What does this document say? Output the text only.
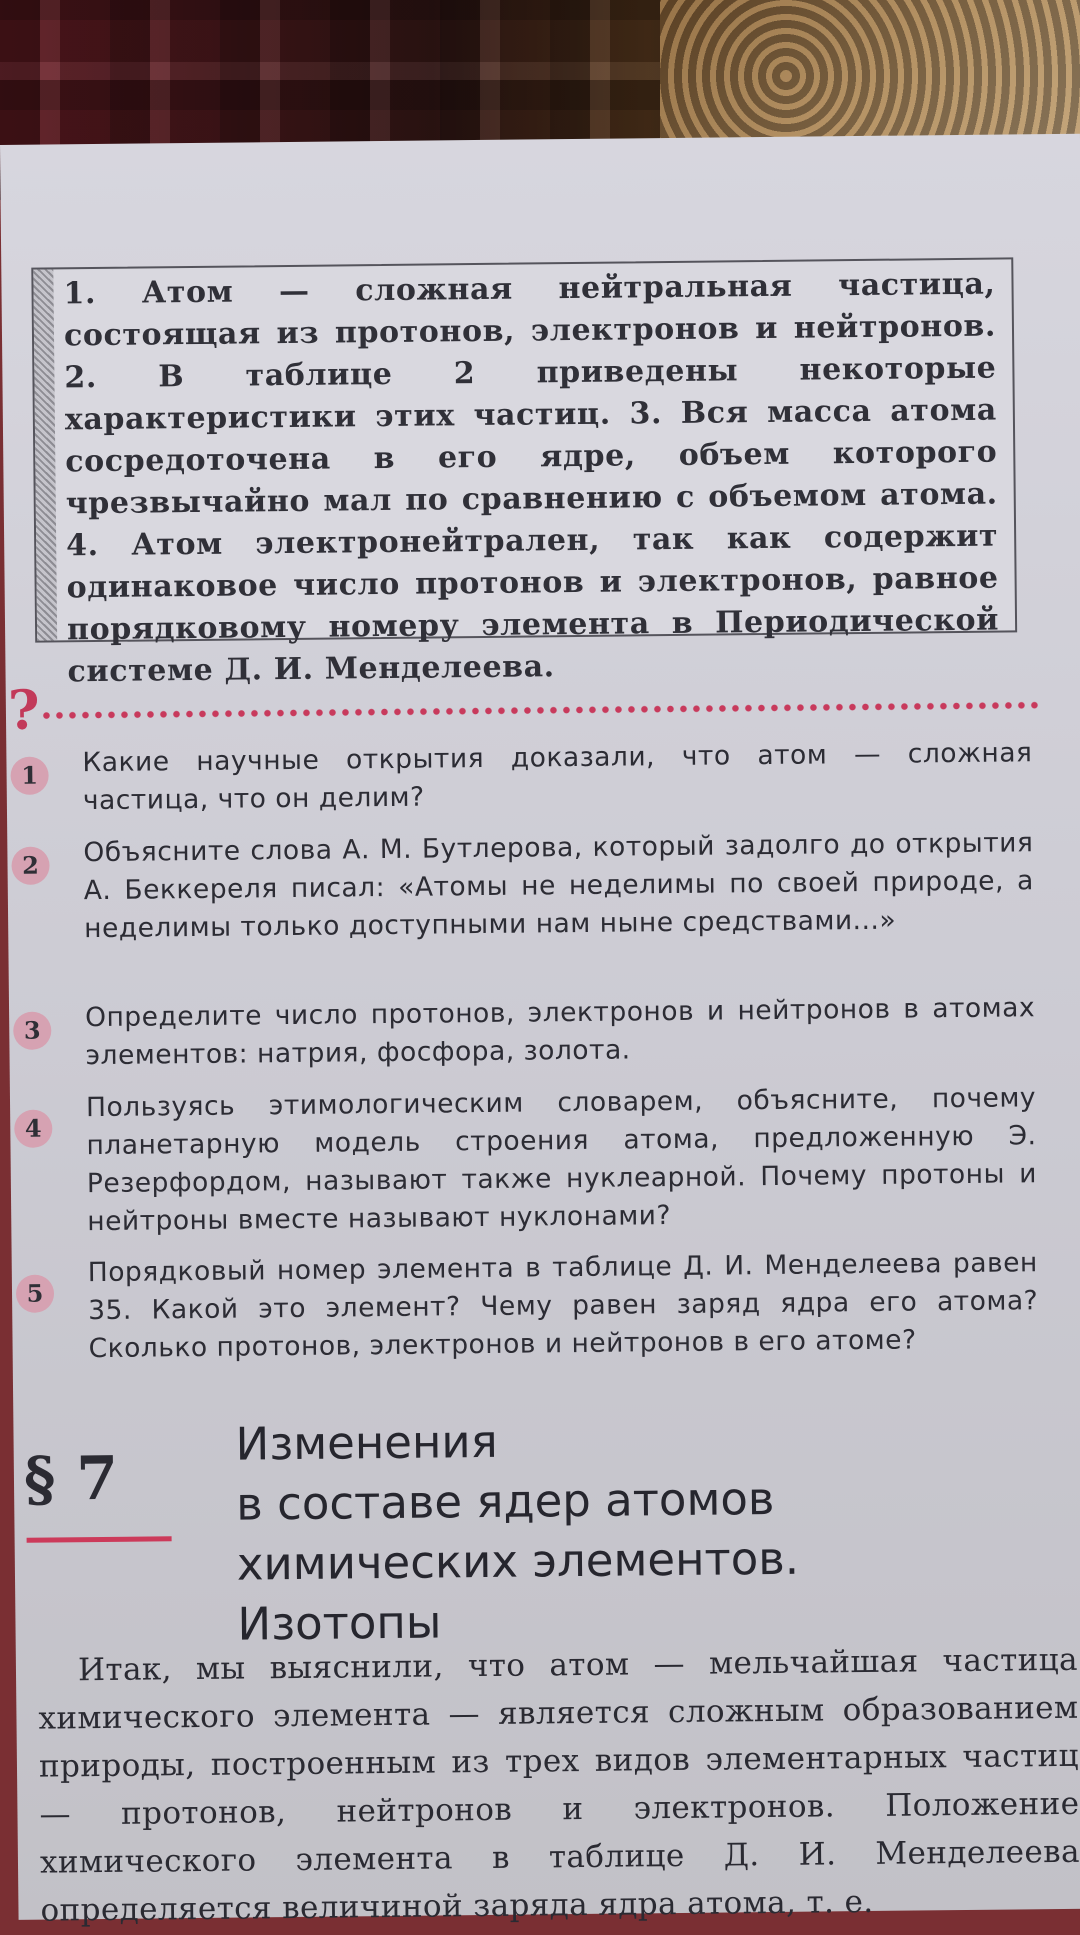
1. Атом — сложная нейтральная частица, состоящая из протонов, электронов и нейтронов. 2. В таблице 2 приведены некоторые характеристики этих частиц. 3. Вся масса атома сосредоточена в его ядре, объем которого чрезвычайно мал по сравнению с объемом атома. 4. Атом электронейтрален, так как содержит одинаковое число протонов и электронов, равное порядковому номеру элемента в Периодической системе Д. И. Менделеева.

?
1	Какие научные открытия доказали, что атом — сложная частица, что он делим?

2	Объясните слова А. М. Бутлерова, который задолго до открытия А. Беккереля писал: «Атомы не неделимы по своей природе, а неделимы только доступными нам ныне средствами...»

3	Определите число протонов, электронов и нейтронов в атомах элементов: натрия, фосфора, золота.

4

Пользуясь этимологическим словарем, объясните, почему планетарную модель строения атома, предложенную Э. Резерфордом, называют также нуклеарной. Почему протоны и нейтроны вместе называют нуклонами?

5

Порядковый номер элемента в таблице Д. И. Менделеева равен 35. Какой это элемент? Чему равен заряд ядра его атома? Сколько протонов, электронов и нейтронов в его атоме?

§ 7
Изменения
в составе ядер атомов
химических элементов.
Изотопы

Итак, мы выяснили, что атом — мельчайшая частица химического элемента — является сложным образованием природы, построенным из трех видов элементарных частиц — протонов, нейтронов и электронов. Положение химического элемента в таблице Д. И. Менделеева определяется величиной заряда ядра атома, т. е.
